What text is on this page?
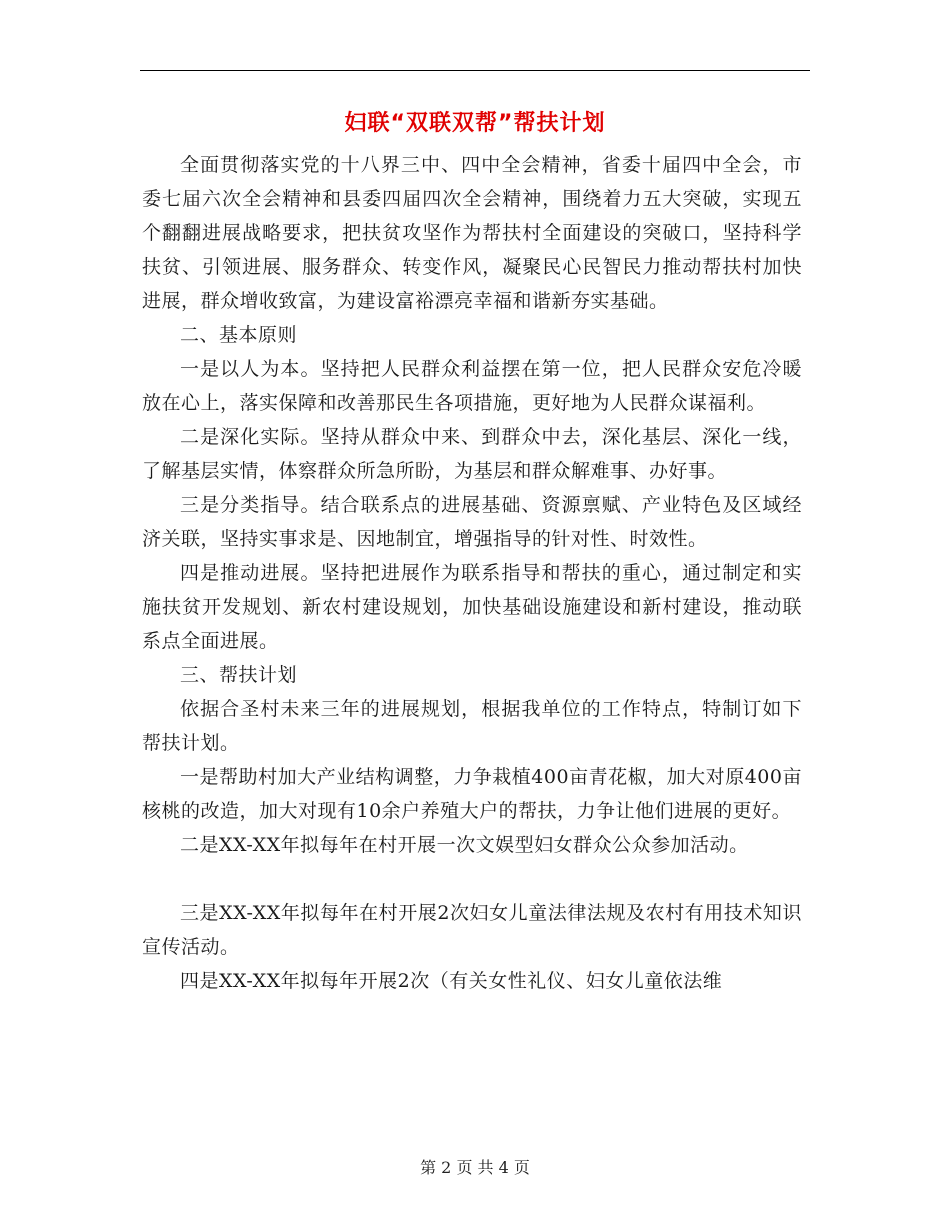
妇联“双联双帮”帮扶计划

全面贯彻落实党的十八界三中、四中全会精神，省委十届四中全会，市委七届六次全会精神和县委四届四次全会精神，围绕着力五大突破，实现五个翻翻进展战略要求，把扶贫攻坚作为帮扶村全面建设的突破口，坚持科学扶贫、引领进展、服务群众、转变作风，凝聚民心民智民力推动帮扶村加快进展，群众增收致富，为建设富裕漂亮幸福和谐新夯实基础。

二、基本原则

一是以人为本。坚持把人民群众利益摆在第一位，把人民群众安危冷暖放在心上，落实保障和改善那民生各项措施，更好地为人民群众谋福利。

二是深化实际。坚持从群众中来、到群众中去，深化基层、深化一线，了解基层实情，体察群众所急所盼，为基层和群众解难事、办好事。

三是分类指导。结合联系点的进展基础、资源禀赋、产业特色及区域经济关联，坚持实事求是、因地制宜，增强指导的针对性、时效性。

四是推动进展。坚持把进展作为联系指导和帮扶的重心，通过制定和实施扶贫开发规划、新农村建设规划，加快基础设施建设和新村建设，推动联系点全面进展。

三、帮扶计划

依据合圣村未来三年的进展规划，根据我单位的工作特点，特制订如下帮扶计划。

一是帮助村加大产业结构调整，力争栽植400亩青花椒，加大对原400亩核桃的改造，加大对现有10余户养殖大户的帮扶，力争让他们进展的更好。

二是XX-XX年拟每年在村开展一次文娱型妇女群众公众参加活动。

三是XX-XX年拟每年在村开展2次妇女儿童法律法规及农村有用技术知识宣传活动。

四是XX-XX年拟每年开展2次（有关女性礼仪、妇女儿童依法维

第 2 页 共 4 页
